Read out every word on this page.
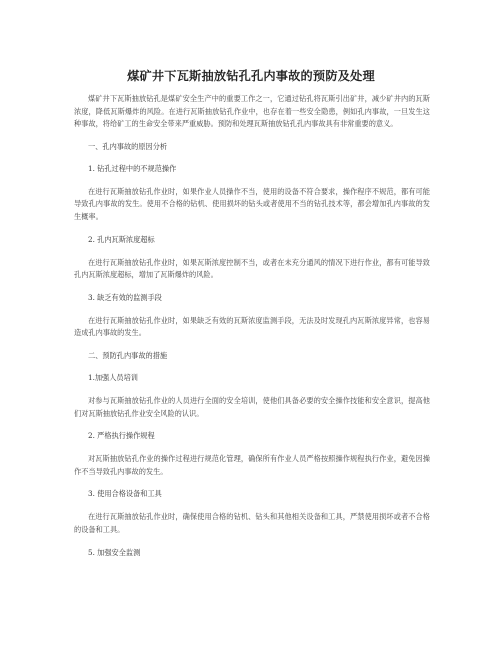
煤矿井下瓦斯抽放钻孔孔内事故的预防及处理
煤矿井下瓦斯抽放钻孔是煤矿安全生产中的重要工作之一，它通过钻孔将瓦斯引出矿井，减少矿井内的瓦斯浓度，降低瓦斯爆炸的风险。在进行瓦斯抽放钻孔作业中，也存在着一些安全隐患，例如孔内事故，一旦发生这种事故，将给矿工的生命安全带来严重威胁。预防和处理瓦斯抽放钻孔孔内事故具有非常重要的意义。
一、孔内事故的原因分析
1. 钻孔过程中的不规范操作
在进行瓦斯抽放钻孔作业时，如果作业人员操作不当，使用的设备不符合要求，操作程序不规范，都有可能导致孔内事故的发生。使用不合格的钻机、使用损坏的钻头或者使用不当的钻孔技术等，都会增加孔内事故的发生概率。
2. 孔内瓦斯浓度超标
在进行瓦斯抽放钻孔作业时，如果瓦斯浓度控制不当，或者在未充分通风的情况下进行作业，都有可能导致孔内瓦斯浓度超标，增加了瓦斯爆炸的风险。
3. 缺乏有效的监测手段
在进行瓦斯抽放钻孔作业时，如果缺乏有效的瓦斯浓度监测手段，无法及时发现孔内瓦斯浓度异常，也容易造成孔内事故的发生。
二、预防孔内事故的措施
1.加强人员培训
对参与瓦斯抽放钻孔作业的人员进行全面的安全培训，使他们具备必要的安全操作技能和安全意识，提高他们对瓦斯抽放钻孔作业安全风险的认识。
2. 严格执行操作规程
对瓦斯抽放钻孔作业的操作过程进行规范化管理，确保所有作业人员严格按照操作规程执行作业，避免因操作不当导致孔内事故的发生。
3. 使用合格设备和工具
在进行瓦斯抽放钻孔作业时，确保使用合格的钻机、钻头和其他相关设备和工具，严禁使用损坏或者不合格的设备和工具。
5. 加强安全监测
